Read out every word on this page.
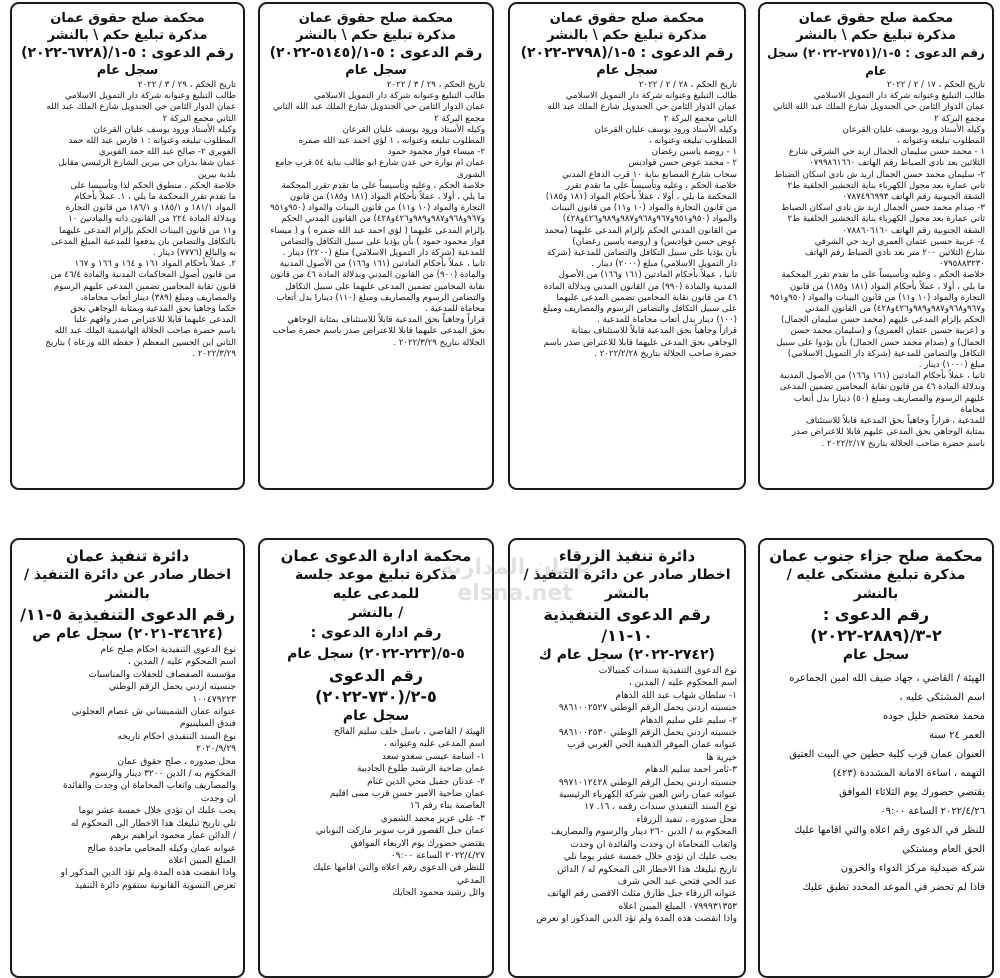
محكمة صلح حقوق عمان
مذكرة تبليغ حكم \ بالنشر
رقم الدعوى : ٥-١/(٦٧٢٨-٢٠٢٢)
سجل عام

تاريخ الحكم ، ٢٩ / ٣ / ٢٠٢٢

طالب التبليغ وعنوانه شركة دار التمويل الاسلامي

عمان الدوار الثامن حي الجندويل شارع الملك عبد الله

الثاني مجمع البركة ٢

وكيله الأستاذ ورود يوسف عليان القرعان

المطلوب تبليغه وعنوانه : ١ فارس عبد الله حمد

الفويري ٢- صالح عبد الله حمد الفويري

عمان شفا بدران حي بيرين الشارع الرئيسي مقابل

بلدية بيرين

خلاصة الحكم ، منطوق الحكم لذا وتأسيسا على

ما تقدم تقرر المحكمة ما يلي ، ١. عملاً بأحكام

المواد ١٨١/١ و ١٨٥/١ و ١٨٦/١ من قانون التجارة

وبدلالة المادة ٢٢٤ من القانون ذاته والمادتين ١٠

و١١ من قانون البينات الحكم بإلزام المدعى عليهما

بالتكافل والتضامن بان يدفعوا للمدعية المبلغ المدعى

به والبالغ (٧٧٧٦) دينار .

٢. عملاً بأحكام المواد ١٦١ و ١٦٤ و ١٦٦ و ١٦٧

من قانون أصول المحاكمات المدنية والمادة ٤٦/٤ من

قانون نقابة المحامين تضمين المدعى عليهم الرسوم

والمصاريف ومبلغ (٣٨٩) دينار أتعاب محاماة.

حكما وجاهيا بحق المدعية وبمثابة الوجاهي بحق

المدعى عليهما قابلا للاعتراض صدر وافهم علنا

باسم حضرة صاحب الجلالة الهاشمية الملك عبد الله

الثاني ابن الحسين المعظم ( حفظه الله ورعاه ) بتاريخ

٢٠٢٢/٣/٢٩ .

محكمة صلح حقوق عمان
مذكرة تبليغ حكم \ بالنشر
رقم الدعوى : ٥-١/(٥١٤٥-٢٠٢٢)
سجل عام

تاريخ الحكم ، ٢٩ / ٣ / ٢٠٢٢

طالب التبليغ وعنوانه شركة دار التمويل الاسلامي

عمان الدوار الثامن حي الجندويل شارع الملك عبد الله الثاني

مجمع البركة ٢

وكيله الأستاذ ورود يوسف عليان القرعان

المطلوب تبليغه وعنوانه ، ١ لؤي احمد عبد الله ضمره

٢- ميساء فواز محمود حمود

عمان ام نوارة حي عدن شارع ابو طالب بناية ٥٤ قرب جامع

الشورى

خلاصة الحكم ، وعليه وتأسيساً على ما تقدم تقرر المحكمة

ما يلي ، أولا ، عملاً بأحكام المواد (١٨١ و١٨٥) من قانون

التجارة والمواد (١٠ و١١) من قانون البينات والمواد (٩٥٠و٩٥١

و٩٦٧و٩٦٨و٩٨٧و٩٨٩و٤٢٦و٤٢٨) من القانون المدني الحكم

بإلزام المدعى عليهما ( لؤي احمد عبد الله ضمره ) و ( ميساء

فواز محمود حمود ) بأن يؤديا على سبيل التكافل والتضامن

للمدعية (شركة دار التمويل الاسلامي) مبلغ (٢٢٠٠) دينار .

ثانيا ، عملاً بأحكام المادتين (١٦١ و١٦٦) من الأصول المدنية

والمادة (٩٠٠) من القانون المدني وبدلالة المادة ٤٦ من قانون

نقابة المحامين تضمين المدعى عليهما على سبيل التكافل

والتضامن الرسوم والمصاريف ومبلغ (١١٠) دينارا بدل أتعاب

محاماة للمدعية .

قراراً وجاهياً بحق المدعية قابلاً للاستئناف بمثابة الوجاهي

بحق المدعى عليهما قابلا للاعتراض صدر باسم حضرة صاحب

الجلالة بتاريخ ٢٠٢٢/٣/٢٩ .

محكمة صلح حقوق عمان
مذكرة تبليغ حكم \ بالنشر
رقم الدعوى : ٥-١/(٣٧٩٨-٢٠٢٢)
سجل عام

تاريخ الحكم ، ٢٨ / ٢ / ٢٠٢٢

طالب التبليغ وعنوانه شركة دار التمويل الاسلامي

عمان الدوار الثامن حي الجندويل شارع الملك عبد الله

الثاني مجمع البركة ٢

وكيله الأستاذ ورود يوسف عليان القرعان

المطلوب تبليغه وعنوانه ،

١ - روضه ياسين رغضان

٢ - محمد عوض حسن قواديس

سحاب شارع المصانع بناية ١٠ قرب الدفاع المدني

خلاصة الحكم ، وعليه وتأسيساً على ما تقدم تقرر

المحكمة ما يلي ، أولا ، عملاً بأحكام المواد (١٨١ و١٨٥)

من قانون التجارة والمواد (١٠ و١١) من قانون البينات

والمواد (٩٥٠و٩٥١و٩٦٧و٩٦٨و٩٨٧و٩٨٩و٤٢٦و٤٢٨)

من القانون المدني الحكم بإلزام المدعى عليهما (محمد

عوض حسن قواديس) و (روضه ياسين رغضان)

بأن يؤديا على سبيل التكافل والتضامن للمدعية (شركة

دار التمويل الاسلامي) مبلغ (٢٠٠٠) دينار .

ثانيا ، عملاً بأحكام المادتين (١٦١ و١٦٦) من الأصول

المدنية والمادة (٩٩٠) من القانون المدني وبدلالة المادة

٤٦ من قانون نقابة المحامين تضمين المدعى عليهما

على سبيل التكافل والتضامن الرسوم والمصاريف ومبلغ

(١٠٠) دينار بدل أتعاب محاماة للمدعية .

قراراً وجاهياً بحق المدعية قابلاً للاستئناف بمثابة

الوجاهي بحق المدعى عليهما قابلا للاعتراض صدر باسم

حضرة صاحب الجلالة بتاريخ ٢٠٢٢/٢/٢٨ .

محكمة صلح حقوق عمان
مذكرة تبليغ حكم \ بالنشر
رقم الدعوى : ٥-١/(٢٧٥١-٢٠٢٢) سجل عام

تاريخ الحكم ، ١٧ / ٢ / ٢٠٢٢

طالب التبليغ وعنوانه شركة دار التمويل الاسلامي

عمان الدوار الثامن حي الجندويل شارع الملك عبد الله الثاني

مجمع البركة ٢

وكيله الأستاذ ورود يوسف عليان القرعان

المطلوب تبليغه وعنوانه ،

١ - محمد حسن سليمان الجمال اربد حي الشرقي شارع

الثلاثين بعد نادي الضباط رقم الهاتف ٠٧٩٩٨٦١٦٦٠

٢- سليمان محمد حسن الجمال اربد ش نادي اسكان الضباط

ثاني عمارة بعد محول الكهرباء بناية التخشير الخلفية ط٢

الشقة الجنوبية رقم الهاتف ٠٧٨٧٤٩٦٩٩٣

٣- صدام محمد حسن الجمال اربد ش نادي اسكان الضباط

ثاني عمارة بعد محول الكهرباء بناية التخشير الخلفية ط٢

الشقة الجنوبية رقم الهاتف ٠٧٨٨٦٠٦١٦٠

٤- عربية حسين عثمان العمري اربد حي الشرقي

شارع الثلاثين ٢٠٠ متر بعد نادي الضباط رقم الهاتف

٠٧٩٥٨٨٣٢٣٠

خلاصة الحكم ، وعليه وتأسيساً على ما تقدم تقرر المحكمة

ما يلي ، أولا ، عملاً بأحكام المواد (١٨١ و١٨٥) من قانون

التجارة والمواد (١٠ و١١) من قانون البينات والمواد (٩٥٠و٩٥١

و٩٦٧و٩٦٨و٩٨٧و٩٨٩و٤٢٦و٤٢٨) من القانون المدني

الحكم بإلزام المدعى عليهم (محمد حسن سليمان الجمال)

و (عربية حسين عثمان العمري) و (سليمان محمد حسن

الجمال) و (صدام محمد حسن الجمال) بأن يؤدوا على سبيل

التكافل والتضامن للمدعية (شركة دار التمويل الاسلامي)

مبلغ (١٠٠٠) دينار .

ثانيا ، عملاً بأحكام المادتين (١٦١ و١٦٦) من الأصول المدنية

وبدلالة المادة ٤٦ من قانون نقابة المحامين تضمين المدعى

عليهم الرسوم والمصاريف ومبلغ (٥٠) دينارا بدل أتعاب محاماة

للمدعية ، قراراً وجاهياً بحق المدعية قابلاً للاستئناف

بمثابة الوجاهي بحق المدعى عليهم قابلا للاعتراض صدر

باسم حضرة صاحب الجلالة بتاريخ ٢٠٢٢/٢/١٧ .

دائرة تنفيذ عمان
اخطار صادر عن دائرة التنفيذ / بالنشر
رقم الدعوى التنفيذية ٥-١١/
(٣٤٦٢٤-٢٠٢١) سجل عام ص

نوع الدعوى التنفيذية احكام صلح عام

اسم المحكوم عليه / المدين ،

مؤسسة الصفصاف للحفلات والمناسبات

جنسيته اردني يحمل الرقم الوطني

١٠٠٤٧٩٢٢٣

عنوانه عمان الشميساني ش عصام العجلوني

فندق الميلينيوم

نوع السند التنفيذي احكام تاريخه

٢٠٢٠/٩/٢٩

محل صدوره ، صلح حقوق عمان

المحكوم به / الدين ٣٢٠٠ دينار والرسوم

والمصاريف واتعاب المحاماة ان وجدت والفائدة

ان وجدت

يجب عليك ان تؤدي خلال خمسة عشر يوما

تلي تاريخ تبليغك هذا الاخطار الى المحكوم له

/ الدائن عمار محمود ابراهيم برهم

عنوانه عمان وكيله المحامي ماجدة صالح

المبلغ المبين اعلاه

واذا انقضت هذه المدة ولم تؤد الدين المذكور او

تعرض التسوية القانونية ستقوم دائرة التنفيذ

محكمة ادارة الدعوى عمان
مذكرة تبليغ موعد جلسة للمدعى عليه
/ بالنشر
رقم ادارة الدعوى : ٥-٥/(٢٢٣-٢٠٢٢) سجل عام
رقم الدعوى ٥-٢/(٧٣٠-٢٠٢٢)
سجل عام

الهيئة / القاضي ، باسل خلف سليم الفالح

اسم المدعى عليه وعنوانه ،

١- اسامة عيسى سعدو سعد

عمان ضاحية الرشيد طلوع الجاذبية

٢- عدنان جميل محي الدين غنام

عمان ضاحية الامير حسن قرب مبنى اقليم

العاصمة بناء رقم ١٦

٣- علي عزيز محمد الشمري

عمان جبل القصور قرب سوبر ماركت النوباني

يقتضي حضورك يوم الاربعاء الموافق

٢٠٢٢/٤/٢٧ الساعة ٠٩:٠٠

للنظر في الدعوى رقم اعلاه والتي اقامها عليك

المدعي

وائل رشيد محمود الحايك

دائرة تنفيذ الزرقاء
اخطار صادر عن دائرة التنفيذ / بالنشر
رقم الدعوى التنفيذية ١٠-١١/
(٢٧٤٢-٢٠٢٢) سجل عام ك

نوع الدعوى التنفيذية سندات كمبيالات

اسم المحكوم عليه / المدين ،

١- سلطان شهاب عبد الله الدهام

جنسيته اردني يحمل الرقم الوطني ٩٨٦١٠٠٢٥٢٧

٢- سليم علي سليم الدهام

جنسيته اردني يحمل الرقم الوطني ٩٨٦١٠٠٢٥٣٠

عنوانه عمان الموقر الذهيبة الحي الغربي قرب

خيرية ها

٣-ثامر احمد سليم الدهام

جنسيته اردني يحمل الرقم الوطني ٩٩٧١٠١٢٤٢٨

عنوانه عمان راس العين شركة الكهرباء الرئيسية

نوع السند التنفيذي سندات رقمه ، ١٦. ١٧

محل صدوره ، تنفيذ الزرقاء

المحكوم به / الدين ٢٦٠ دينار والرسوم والمصاريف

واتعاب المحاماة ان وجدت والفائدة ان وجدت

يجب عليك ان تؤدي خلال خمسة عشر يوما تلي

تاريخ تبليغك هذا الاخطار الى المحكوم له / الدائن

عبد الحي فتحي عبد الحي شرف

عنوانه الزرقاء جبل طارق مثلث الاقصى رقم الهاتف

٠٧٩٩٩٣١٣٥٣ المبلغ المبين اعلاه

واذا انقضت هذه المدة ولم تؤد الدين المذكور او تعرض

محكمة صلح جزاء جنوب عمان
مذكرة تبليغ مشتكى عليه / بالنشر
رقم الدعوى : ٢-٣/(٢٨٨٩-٢٠٢٢)
سجل عام

الهيئة / القاضي ، جهاد ضيف الله امين الجماعره

اسم المشتكى عليه ،

محمد معتصم خليل جوده

العمر ٢٤ سنة

العنوان عمان قرب كلية حطين حي البيت العتيق

التهمه ، اساءة الامانة المشددة (٤٢٣)

يقتضي حضورك يوم الثلاثاء الموافق

٢٠٢٢/٤/٢٦ الساعة ٠٩:٠٠

للنظر في الدعوى رقم اعلاه والتي اقامها عليك

الحق العام ومشتكي

شركة صيدلية مركز الدواء والخرون

فاذا لم تحضر في الموعد المحدد تطبق عليك

عمان المدارنة
elsna.net
